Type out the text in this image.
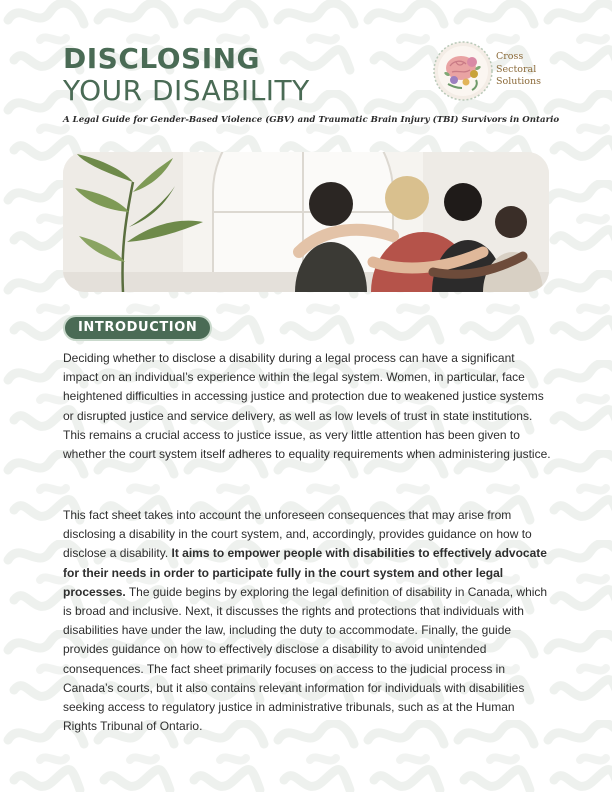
DISCLOSING
YOUR DISABILITY
A Legal Guide for Gender-Based Violence (GBV) and Traumatic Brain Injury (TBI) Survivors in Ontario
Cross
Sectoral
Solutions
INTRODUCTION

Deciding whether to disclose a disability during a legal process can have a significant impact on an individual’s experience within the legal system. Women, in particular, face heightened difficulties in accessing justice and protection due to weakened justice systems or disrupted justice and service delivery, as well as low levels of trust in state institutions. This remains a crucial access to justice issue, as very little attention has been given to whether the court system itself adheres to equality requirements when administering justice.

This fact sheet takes into account the unforeseen consequences that may arise from disclosing a disability in the court system, and, accordingly, provides guidance on how to disclose a disability. It aims to empower people with disabilities to effectively advocate for their needs in order to participate fully in the court system and other legal processes. The guide begins by exploring the legal definition of disability in Canada, which is broad and inclusive. Next, it discusses the rights and protections that individuals with disabilities have under the law, including the duty to accommodate. Finally, the guide provides guidance on how to effectively disclose a disability to avoid unintended consequences. The fact sheet primarily focuses on access to the judicial process in Canada’s courts, but it also contains relevant information for individuals with disabilities seeking access to regulatory justice in administrative tribunals, such as at the Human Rights Tribunal of Ontario.
